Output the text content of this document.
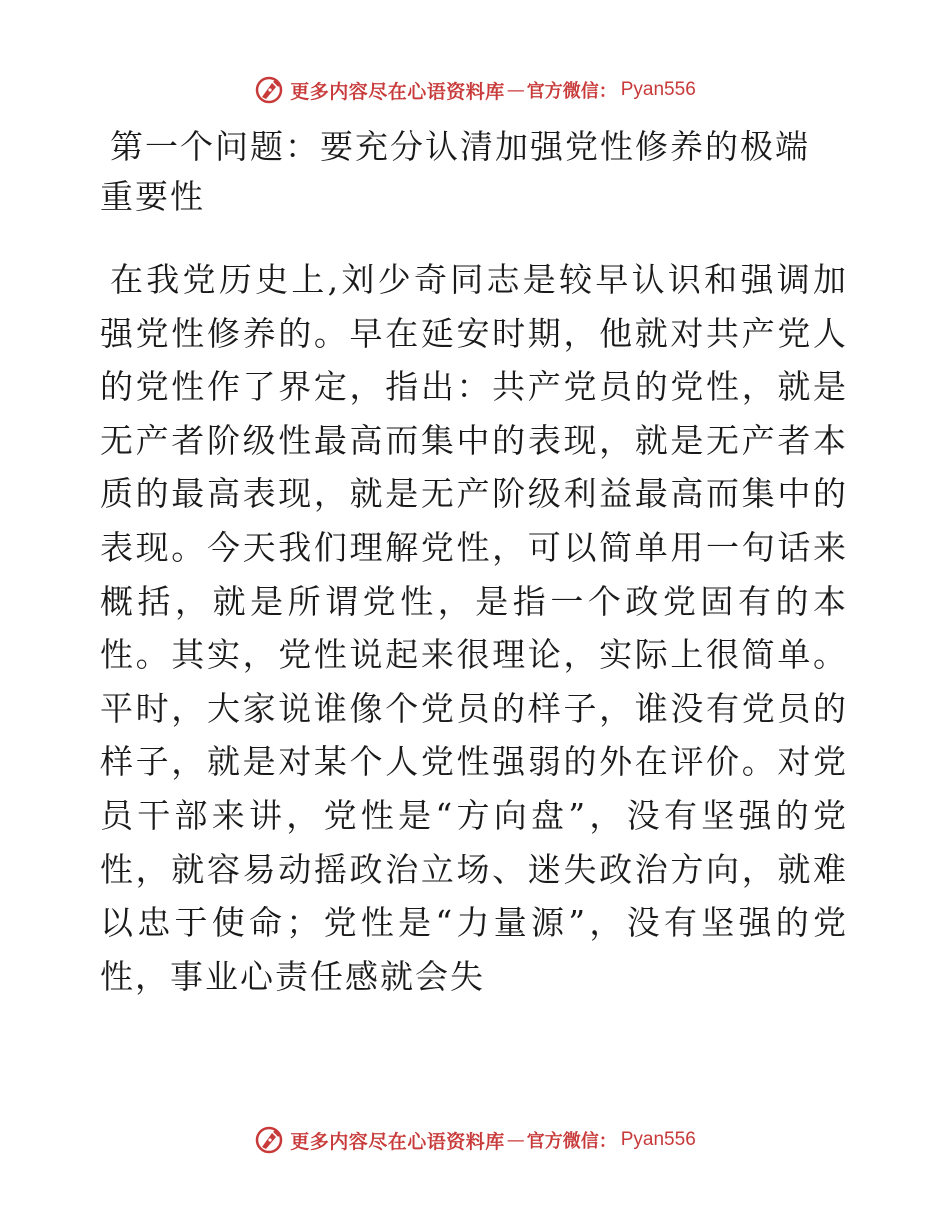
更多内容尽在心语资料库 — 官方微信： Pyan556
第一个问题：要充分认清加强党性修养的极端重要性

在我党历史上,刘少奇同志是较早认识和强调加强党性修养的。早在延安时期，他就对共产党人的党性作了界定，指出：共产党员的党性，就是无产者阶级性最高而集中的表现，就是无产者本质的最高表现，就是无产阶级利益最高而集中的表现。今天我们理解党性，可以简单用一句话来概括，就是所谓党性，是指一个政党固有的本性。其实，党性说起来很理论，实际上很简单。平时，大家说谁像个党员的样子，谁没有党员的样子，就是对某个人党性强弱的外在评价。对党员干部来讲，党性是“方向盘”，没有坚强的党性，就容易动摇政治立场、迷失政治方向，就难以忠于使命；党性是“力量源”，没有坚强的党性，事业心责任感就会失

更多内容尽在心语资料库 — 官方微信： Pyan556
